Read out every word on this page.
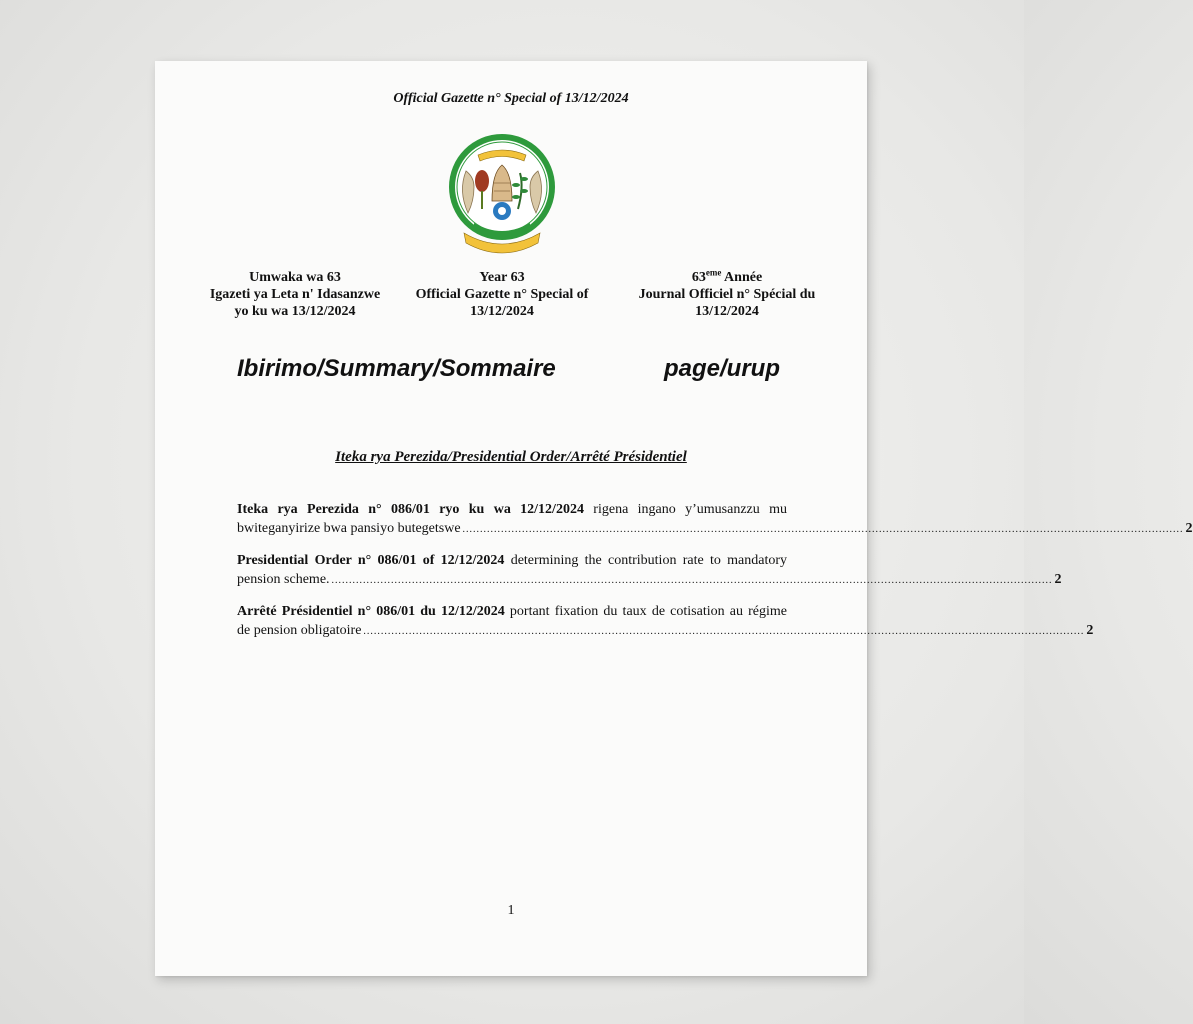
Official Gazette n° Special of 13/12/2024
Umwaka wa 63
Igazeti ya Leta n' Idasanzwe
yo ku wa 13/12/2024
Year 63
Official Gazette n° Special of
13/12/2024
63eme Année
Journal Officiel n° Spécial du
13/12/2024
Ibirimo/Summary/Sommaire	page/urup
Iteka rya Perezida/Presidential Order/Arrêté Présidentiel
Iteka rya Perezida n° 086/01 ryo ku wa 12/12/2024 rigena ingano y’umusanzzu mu
bwiteganyirize bwa pansiyo butegetswe .............................................................................................................................................................................................................. 2
Presidential Order n° 086/01 of 12/12/2024 determining the contribution rate to mandatory
pension scheme. .............................................................................................................................................................................................................. 2
Arrêté Présidentiel n° 086/01 du 12/12/2024 portant fixation du taux de cotisation au régime
de pension obligatoire .............................................................................................................................................................................................................. 2
1
